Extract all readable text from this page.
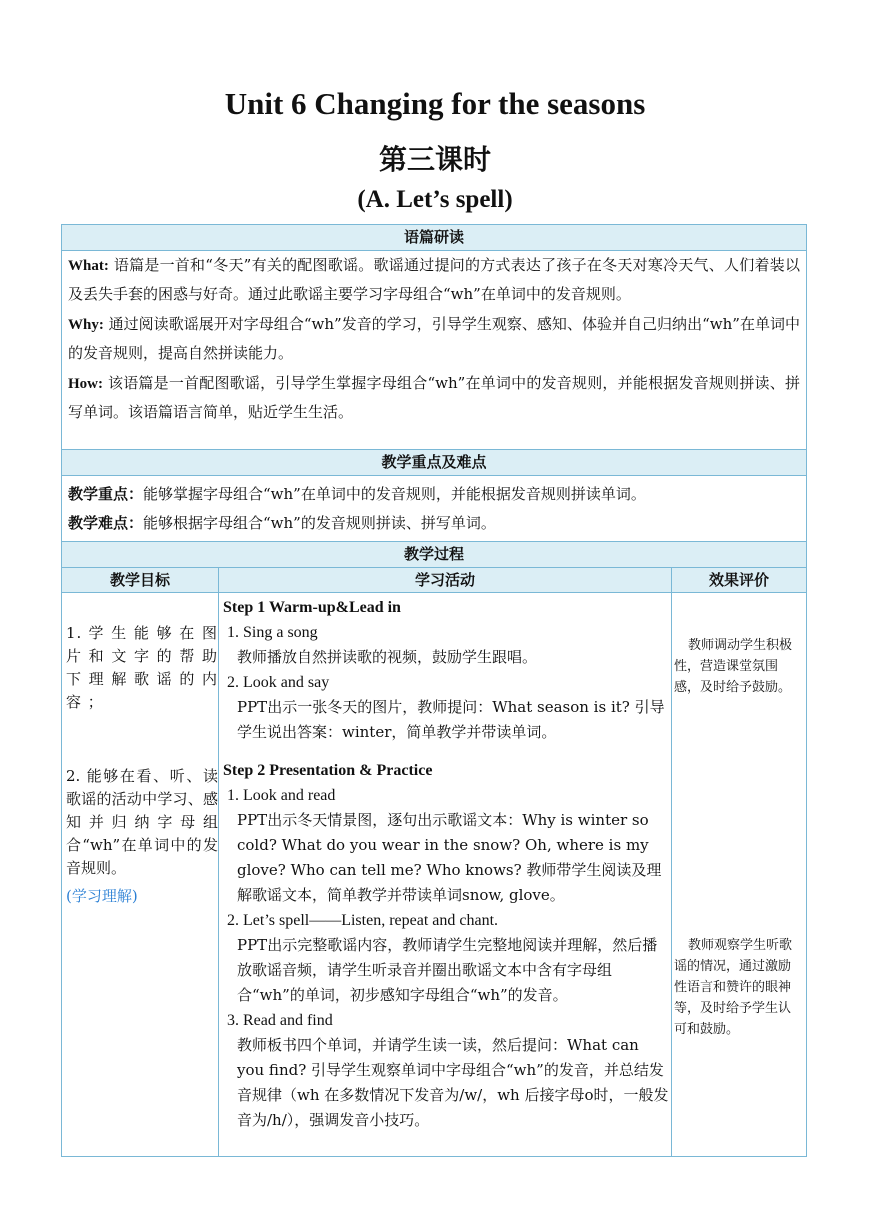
Unit 6 Changing for the seasons
第三课时
(A. Let’s spell)
语篇研读

What: 语篇是一首和“冬天”有关的配图歌谣。歌谣通过提问的方式表达了孩子在冬天对寒冷天气、人们着装以及丢失手套的困惑与好奇。通过此歌谣主要学习字母组合“wh”在单词中的发音规则。

Why: 通过阅读歌谣展开对字母组合“wh”发音的学习，引导学生观察、感知、体验并自己归纳出“wh”在单词中的发音规则，提高自然拼读能力。

How: 该语篇是一首配图歌谣，引导学生掌握字母组合“wh”在单词中的发音规则，并能根据发音规则拼读、拼写单词。该语篇语言简单，贴近学生生活。

教学重点及难点

教学重点：能够掌握字母组合“wh”在单词中的发音规则，并能根据发音规则拼读单词。

教学难点：能够根据字母组合“wh”的发音规则拼读、拼写单词。

教学过程
教学目标	学习活动	效果评价
1. 学 生 能 够 在 图 片 和 文 字 的 帮 助 下 理 解 歌 谣 的 内 容 ；
2. 能够在看、听、读歌谣的活动中学习、感知并归纳字母组合“wh”在单词中的发音规则。
(学习理解)
Step 1 Warm-up&Lead in
1. Sing a song
教师播放自然拼读歌的视频，鼓励学生跟唱。
2. Look and say
PPT出示一张冬天的图片，教师提问：What season is it? 引导学生说出答案：winter，简单教学并带读单词。
Step 2 Presentation & Practice
1. Look and read
PPT出示冬天情景图，逐句出示歌谣文本：Why is winter so cold? What do you wear in the snow? Oh, where is my glove? Who can tell me? Who knows? 教师带学生阅读及理解歌谣文本，简单教学并带读单词snow, glove。
2. Let’s spell——Listen, repeat and chant.
PPT出示完整歌谣内容，教师请学生完整地阅读并理解，然后播放歌谣音频，请学生听录音并圈出歌谣文本中含有字母组合“wh”的单词，初步感知字母组合“wh”的发音。
3. Read and find
教师板书四个单词，并请学生读一读，然后提问：What can you find? 引导学生观察单词中字母组合“wh”的发音，并总结发音规律（wh 在多数情况下发音为/w/，wh 后接字母o时，一般发音为/h/），强调发音小技巧。
教师调动学生积极性，营造课堂氛围感，及时给予鼓励。
教师观察学生听歌谣的情况，通过激励性语言和赞许的眼神等，及时给予学生认可和鼓励。
